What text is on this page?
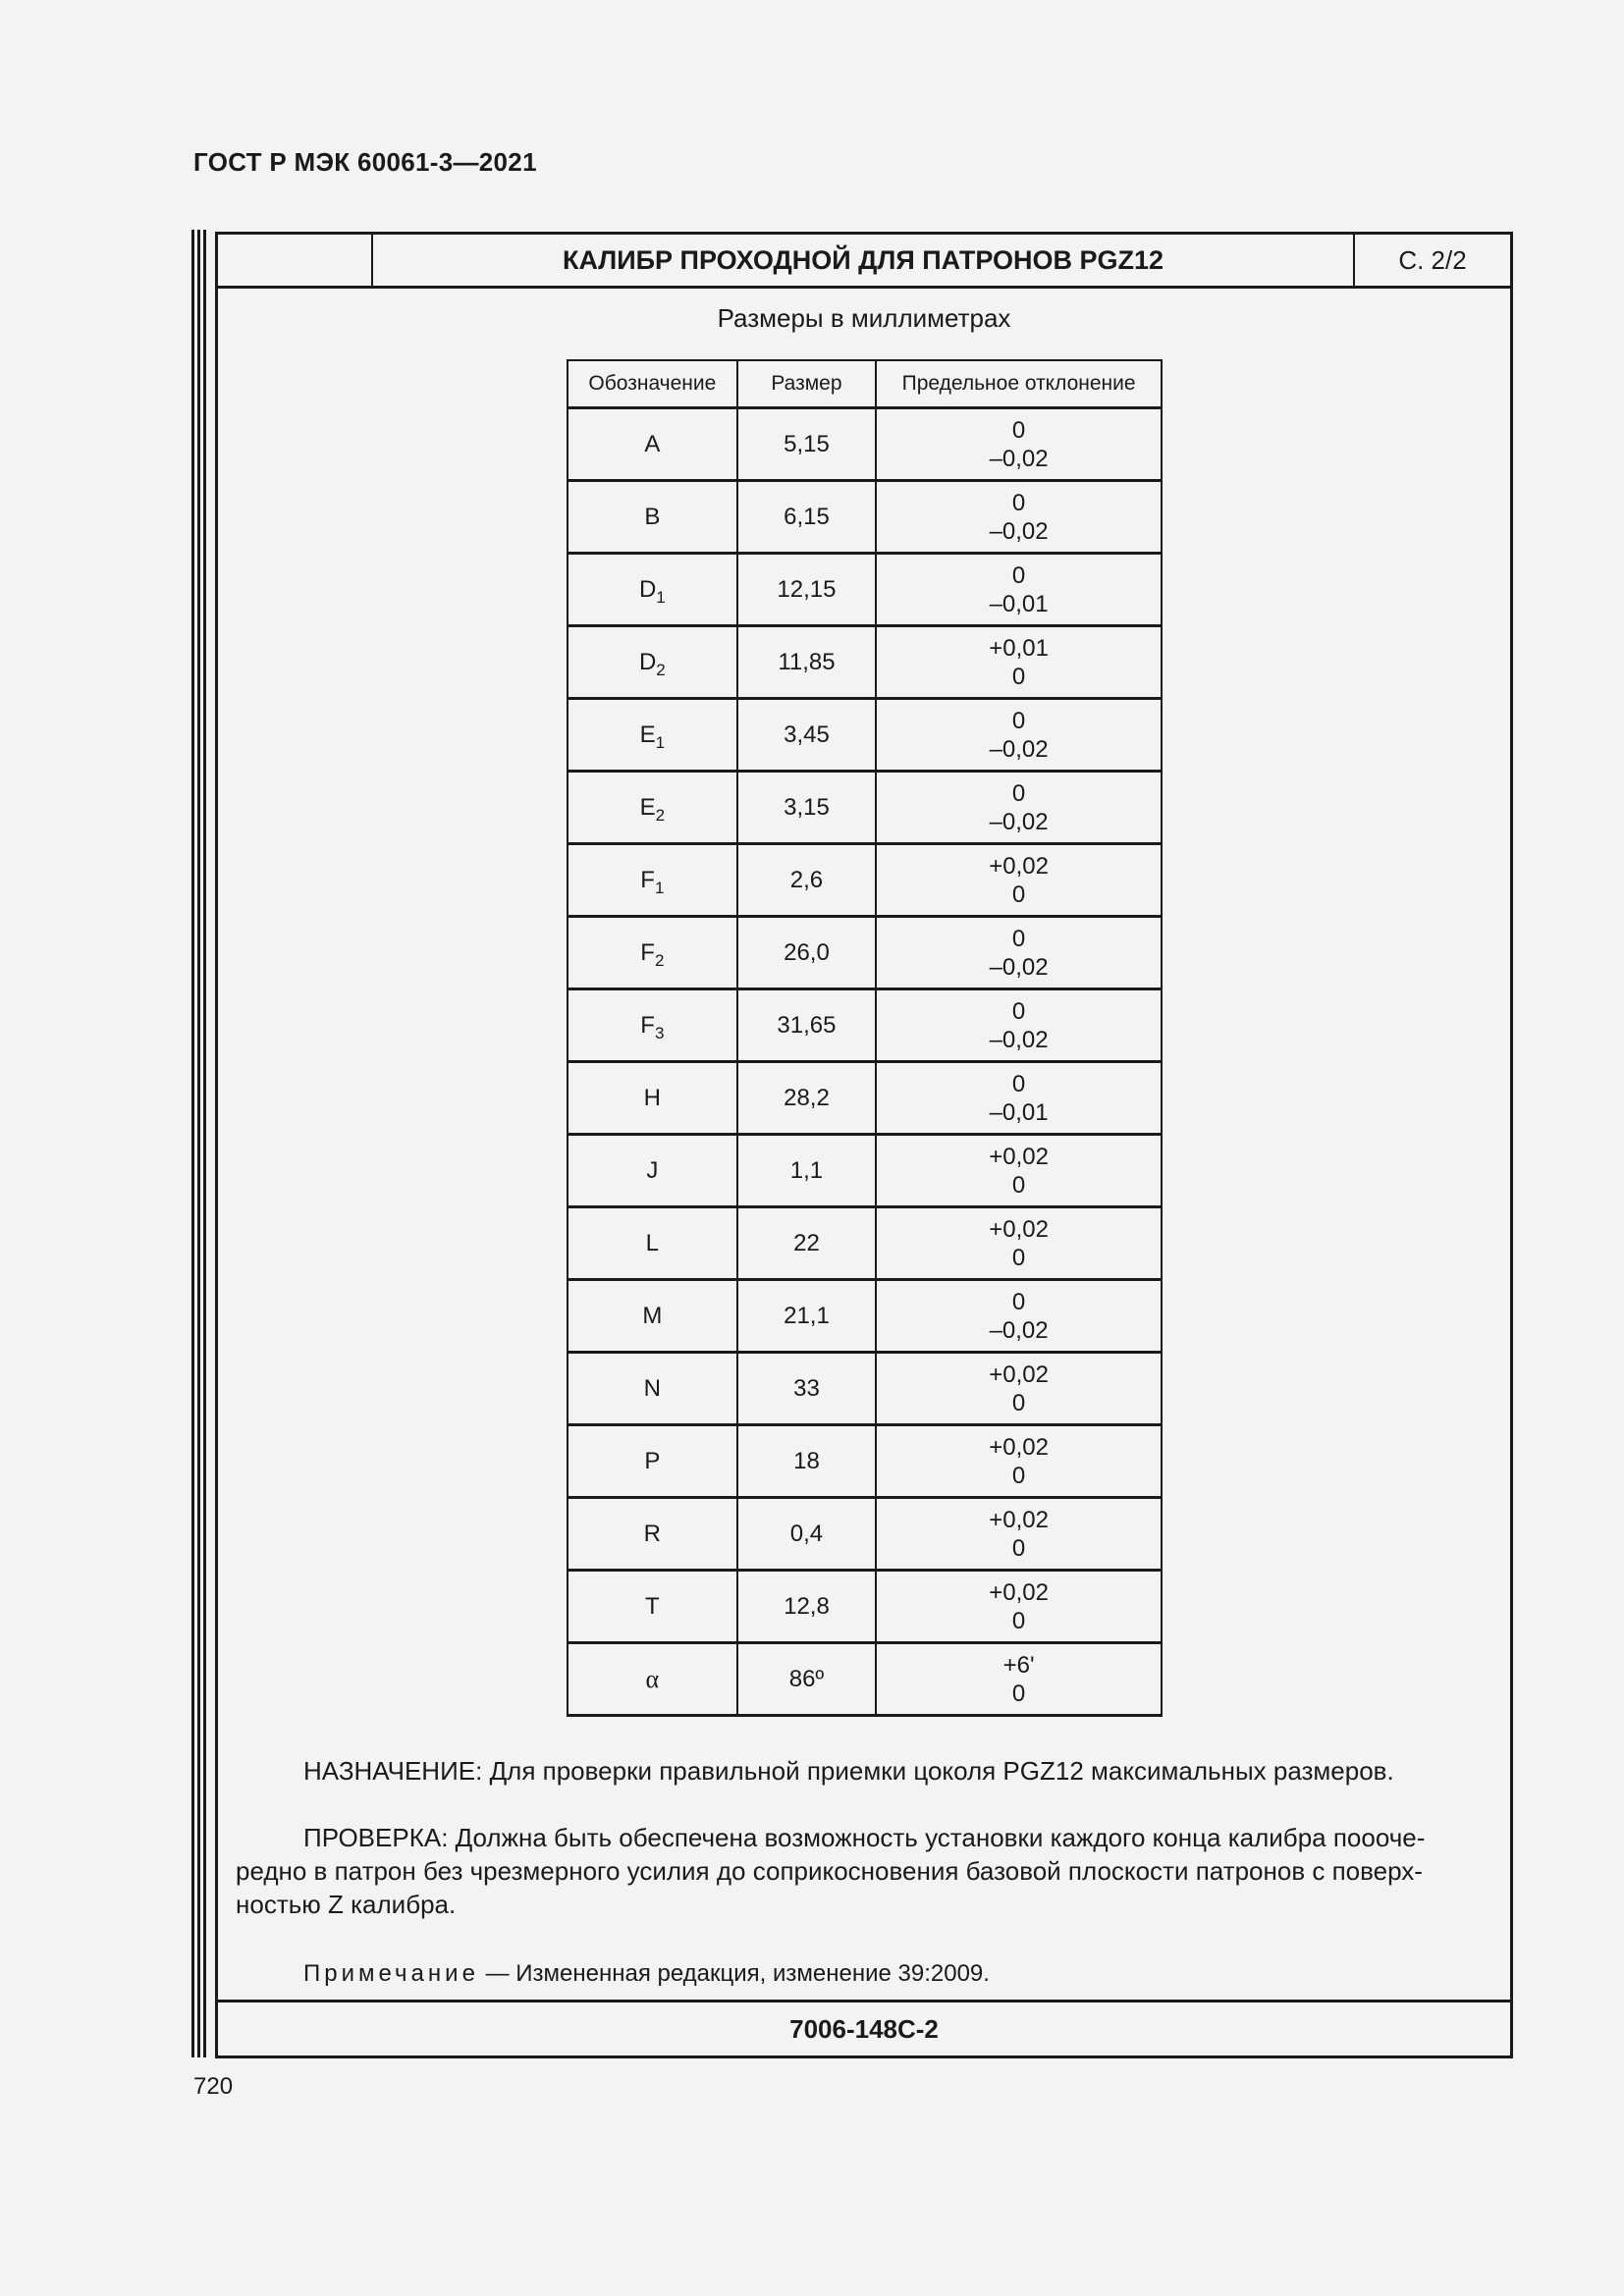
ГОСТ Р МЭК 60061-3—2021
КАЛИБР ПРОХОДНОЙ ДЛЯ ПАТРОНОВ PGZ12	С. 2/2
Размеры в миллиметрах
Обозначение	Размер	Предельное отклонение
A	5,15	0
–0,02

B	6,15	0
–0,02

$D_1$	12,15	0
–0,01

$D_2$	11,85	+0,01
0

$E_1$	3,45	0
–0,02

$E_2$	3,15	0
–0,02

$F_1$	2,6	+0,02
0

$F_2$	26,0	0
–0,02

$F_3$	31,65	0
–0,02

H	28,2	0
–0,01

J	1,1	+0,02
0

L	22	+0,02
0

M	21,1	0
–0,02

N	33	+0,02
0

P	18	+0,02
0

R	0,4	+0,02
0

T	12,8	+0,02
0

α	86º	+6'
0

НАЗНАЧЕНИЕ: Для проверки правильной приемки цоколя PGZ12 максимальных размеров.

ПРОВЕРКА: Должна быть обеспечена возможность установки каждого конца калибра поооче-

редно в патрон без чрезмерного усилия до соприкосновения базовой плоскости патронов с поверх-

ностью Z калибра.

Примечание — Измененная редакция, изменение 39:2009.
7006-148С-2
720
